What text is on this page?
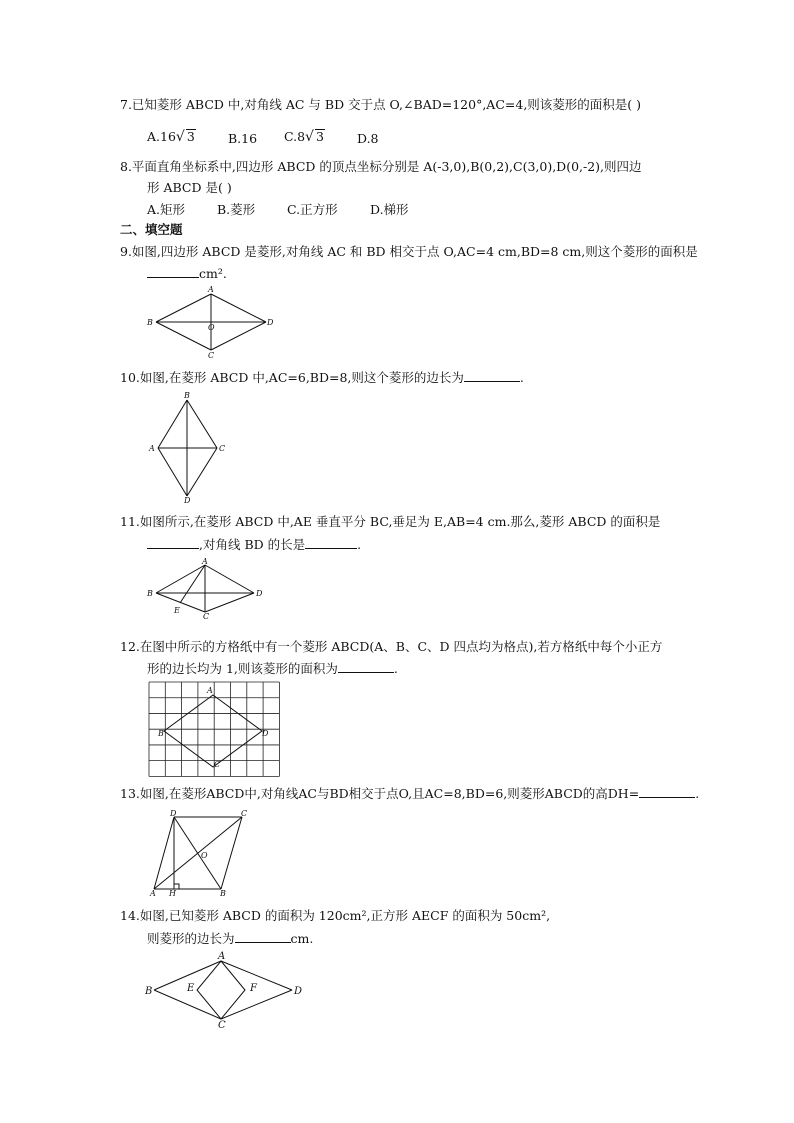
7.已知菱形 ABCD 中,对角线 AC 与 BD 交于点 O,∠BAD=120°,AC=4,则该菱形的面积是( )
A.16√ 3	B.16 C.8√ 3	D.8
8.平面直角坐标系中,四边形 ABCD 的顶点坐标分别是 A(-3,0),B(0,2),C(3,0),D(0,-2),则四边
形 ABCD 是( )
A.矩形	B.菱形	C.正方形	D.梯形
二、填空题
9.如图,四边形 ABCD 是菱形,对角线 AC 和 BD 相交于点 O,AC=4 cm,BD=8 cm,则这个菱形的面积是
cm².
A
B
C
D
O
10.如图,在菱形 ABCD 中,AC=6,BD=8,则这个菱形的边长为	.
B
A	C
D
11.如图所示,在菱形 ABCD 中,AE 垂直平分 BC,垂足为 E,AB=4 cm.那么,菱形 ABCD 的面积是
,对角线 BD 的长是	.
A
B
C
D
E
12.在图中所示的方格纸中有一个菱形 ABCD(A、B、C、D 四点均为格点),若方格纸中每个小正方
形的边长均为 1,则该菱形的面积为	.
A
B
C
D
13.如图,在菱形ABCD中,对角线AC与BD相交于点O,且AC=8,BD=6,则菱形ABCD的高DH=	.
D	C
A H	B
O
14.如图,已知菱形 ABCD 的面积为 120cm²,正方形 AECF 的面积为 50cm²,
则菱形的边长为	cm.
A
B
C
D
E	F
